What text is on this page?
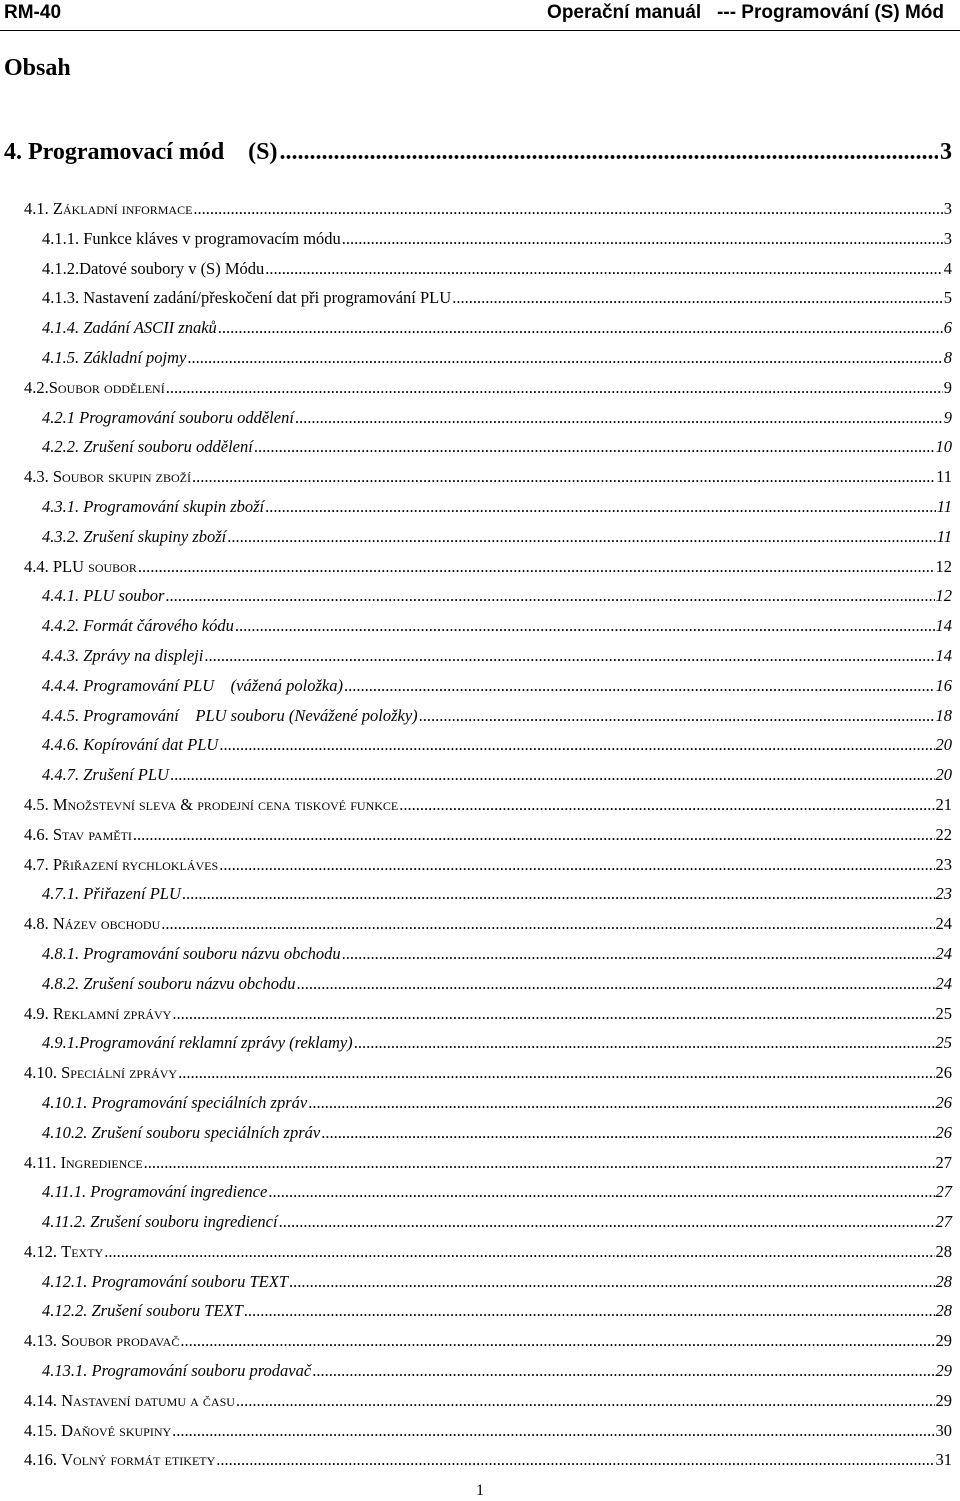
RM-40	Operační manuál   --- Programování (S) Mód
Obsah
4. Programovací mód    (S) .....	3
4.1. Základní informace .....	3
4.1.1. Funkce kláves v programovacím módu .....	3
4.1.2. Datové soubory v (S) Módu .....	4
4.1.3. Nastavení zadání/přeskočení dat při programování PLU .....	5
4.1.4. Zadání ASCII znaků .....	6
4.1.5. Základní pojmy .....	8
4.2. Soubor oddělení .....	9
4.2.1 Programování souboru oddělení .....	9
4.2.2. Zrušení souboru oddělení .....	10
4.3. Soubor skupin zboží .....	11
4.3.1. Programování skupin zboží .....	11
4.3.2. Zrušení skupiny zboží .....	11
4.4. PLU soubor .....	12
4.4.1. PLU soubor .....	12
4.4.2. Formát čárového kódu .....	14
4.4.3. Zprávy na displeji .....	14
4.4.4. Programování PLU    (vážená položka) .....	16
4.4.5. Programování    PLU souboru (Nevážené položky) .....	18
4.4.6. Kopírování dat PLU .....	20
4.4.7. Zrušení PLU .....	20
4.5. Množstevní sleva & prodejní cena tiskové funkce .....	21
4.6. Stav paměti .....	22
4.7. Přiřazení rychlokláves .....	23
4.7.1. Přiřazení PLU .....	23
4.8. Název obchodu .....	24
4.8.1. Programování souboru názvu obchodu .....	24
4.8.2. Zrušení souboru názvu obchodu .....	24
4.9. Reklamní zprávy .....	25
4.9.1. Programování reklamní zprávy (reklamy) .....	25
4.10. Speciální zprávy .....	26
4.10.1. Programování speciálních zpráv .....	26
4.10.2. Zrušení souboru speciálních zpráv .....	26
4.11. Ingredience .....	27
4.11.1. Programování ingredience .....	27
4.11.2. Zrušení souboru ingrediencí .....	27
4.12. Texty .....	28
4.12.1. Programování souboru TEXT .....	28
4.12.2. Zrušení souboru TEXT .....	28
4.13. Soubor prodavač .....	29
4.13.1. Programování souboru prodavač .....	29
4.14. Nastavení datumu a času .....	29
4.15. Daňové skupiny .....	30
4.16. Volný formát etikety .....	31
1
